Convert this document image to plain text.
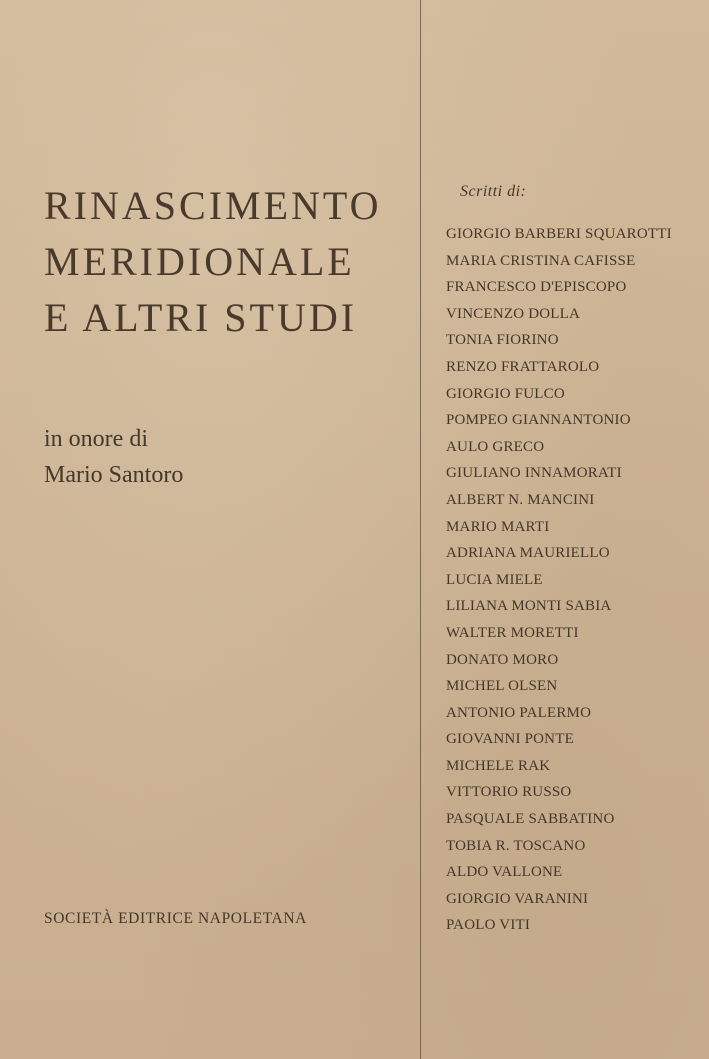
RINASCIMENTO
MERIDIONALE
E ALTRI STUDI
in onore di
Mario Santoro
SOCIETÀ EDITRICE NAPOLETANA
Scritti di:
GIORGIO BARBERI SQUAROTTI
MARIA CRISTINA CAFISSE
FRANCESCO D'EPISCOPO
VINCENZO DOLLA
TONIA FIORINO
RENZO FRATTAROLO
GIORGIO FULCO
POMPEO GIANNANTONIO
AULO GRECO
GIULIANO INNAMORATI
ALBERT N. MANCINI
MARIO MARTI
ADRIANA MAURIELLO
LUCIA MIELE
LILIANA MONTI SABIA
WALTER MORETTI
DONATO MORO
MICHEL OLSEN
ANTONIO PALERMO
GIOVANNI PONTE
MICHELE RAK
VITTORIO RUSSO
PASQUALE SABBATINO
TOBIA R. TOSCANO
ALDO VALLONE
GIORGIO VARANINI
PAOLO VITI
